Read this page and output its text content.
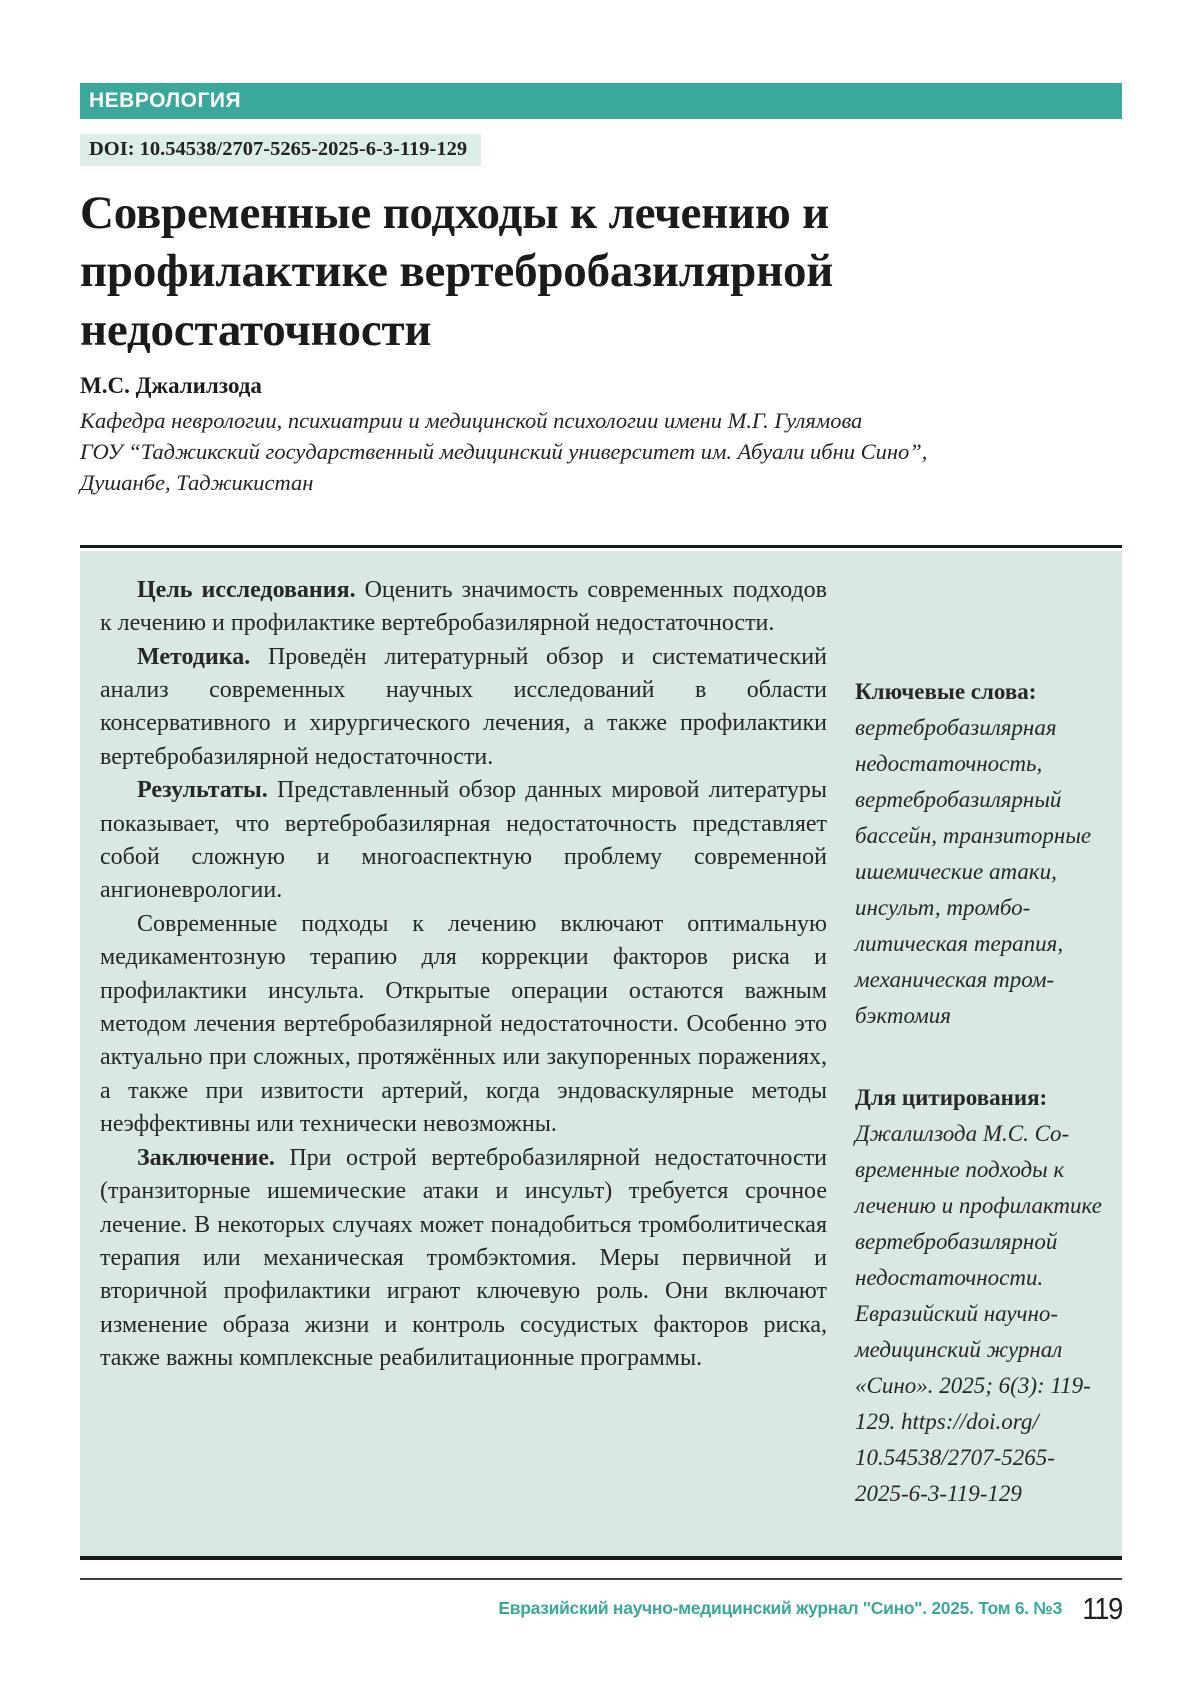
НЕВРОЛОГИЯ
DOI: 10.54538/2707-5265-2025-6-3-119-129
Современные подходы к лечению и
профилактике вертебробазилярной
недостаточности
М.С. Джалилзода
Кафедра неврологии, психиатрии и медицинской психологии имени М.Г. Гулямова
ГОУ “Таджикский государственный медицинский университет им. Абуали ибни Сино”,
Душанбе, Таджикистан

Цель исследования. Оценить значимость современных подходов к лечению и профилактике вертебробазилярной недостаточности.

Методика. Проведён литературный обзор и систематический анализ современных научных исследований в области консервативного и хирургического лечения, а также профилактики вертебробазилярной недостаточности.

Результаты. Представленный обзор данных мировой литературы показывает, что вертебробазилярная недостаточность представляет собой сложную и многоаспектную проблему современной ангионеврологии.

Современные подходы к лечению включают оптимальную медикаментозную терапию для коррекции факторов риска и профилактики инсульта. Открытые операции остаются важным методом лечения вертебробазилярной недостаточности. Особенно это актуально при сложных, протяжённых или закупоренных поражениях, а также при извитости артерий, когда эндоваскулярные методы неэффективны или технически невозможны.

Заключение. При острой вертебробазилярной недостаточности (транзиторные ишемические атаки и инсульт) требуется срочное лечение. В некоторых случаях может понадобиться тромболитическая терапия или механическая тромбэктомия. Меры первичной и вторичной профилактики играют ключевую роль. Они включают изменение образа жизни и контроль сосудистых факторов риска, также важны комплексные реабилитационные программы.

Ключевые слова:
вертебробазилярная недостаточность, вертебробазилярный бассейн, транзиторные ишемические атаки, инсульт, тромболитическая терапия, механическая тромбэктомия
Для цитирования:
Джалилзода М.С. Современные подходы к лечению и профилактике вертебробазилярной недостаточности. Евразийский научно-медицинский журнал «Сино». 2025; 6(3): 119-129. https://​doi.org/​10.54538/​2707-5265-2025-6-3-119-129
Евразийский научно-медицинский журнал "Сино". 2025. Том 6. №3 119
